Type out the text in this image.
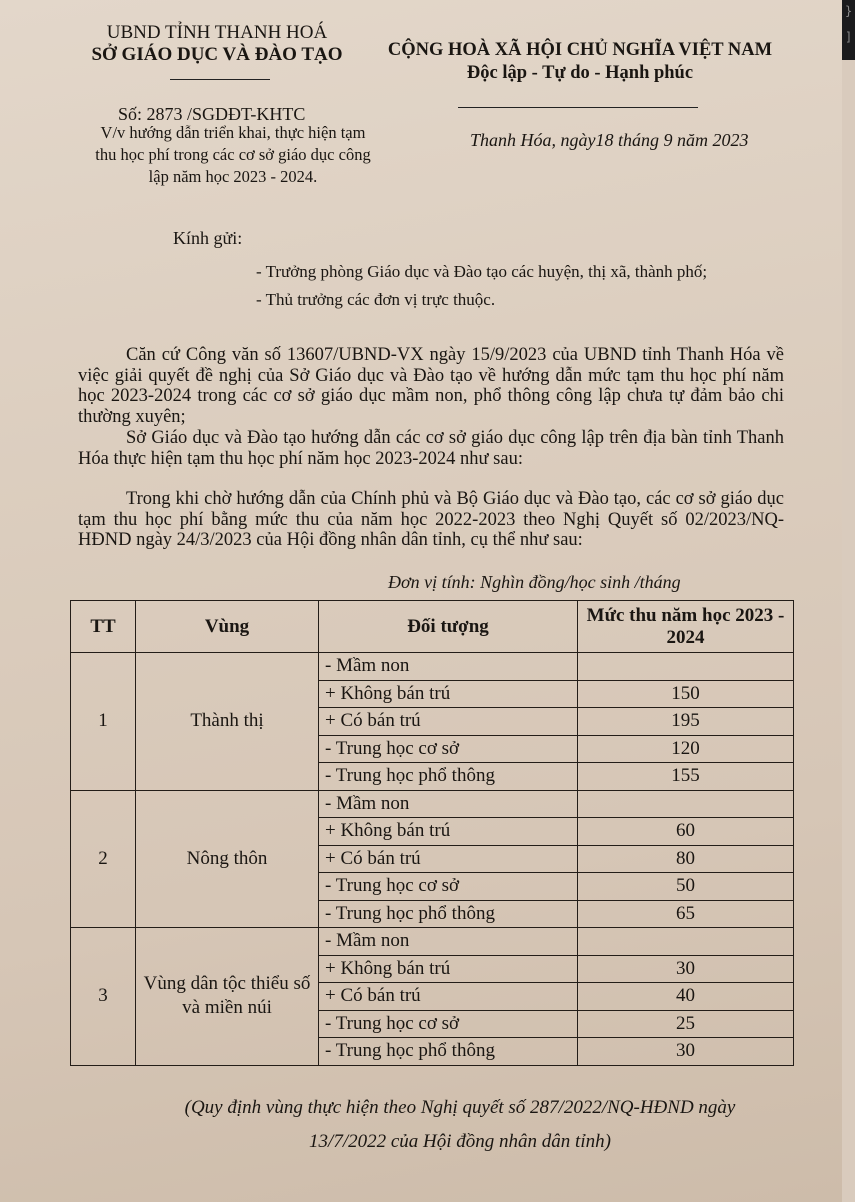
}
]
UBND TỈNH THANH HOÁ
SỞ GIÁO DỤC VÀ ĐÀO TẠO	CỘNG HOÀ XÃ HỘI CHỦ NGHĨA VIỆT NAM
Độc lập - Tự do - Hạnh phúc
Số: 2873 /SGDĐT-KHTC
V/v hướng dẫn triển khai, thực hiện tạm thu học phí trong các cơ sở giáo dục công lập năm học 2023 - 2024.
Thanh Hóa, ngày18 tháng 9 năm 2023
Kính gửi:
- Trưởng phòng Giáo dục và Đào tạo các huyện, thị xã, thành phố;
- Thủ trưởng các đơn vị trực thuộc.
Căn cứ Công văn số 13607/UBND-VX ngày 15/9/2023 của UBND tỉnh Thanh Hóa về việc giải quyết đề nghị của Sở Giáo dục và Đào tạo về hướng dẫn mức tạm thu học phí năm học 2023-2024 trong các cơ sở giáo dục mầm non, phổ thông công lập chưa tự đảm bảo chi thường xuyên;
Sở Giáo dục và Đào tạo hướng dẫn các cơ sở giáo dục công lập trên địa bàn tỉnh Thanh Hóa thực hiện tạm thu học phí năm học 2023-2024 như sau:
Trong khi chờ hướng dẫn của Chính phủ và Bộ Giáo dục và Đào tạo, các cơ sở giáo dục tạm thu học phí bằng mức thu của năm học 2022-2023 theo Nghị Quyết số 02/2023/NQ-HĐND ngày 24/3/2023 của Hội đồng nhân dân tỉnh, cụ thể như sau:
Đơn vị tính: Nghìn đồng/học sinh /tháng
TT	Vùng	Đối tượng	Mức thu năm học 2023 - 2024
1	Thành thị	- Mầm non	
		+ Không bán trú	150
		+ Có bán trú	195
		- Trung học cơ sở	120
		- Trung học phổ thông	155
2	Nông thôn	- Mầm non	
		+ Không bán trú	60
		+ Có bán trú	80
		- Trung học cơ sở	50
		- Trung học phổ thông	65
3	Vùng dân tộc thiểu số và miền núi	- Mầm non	
		+ Không bán trú	30
		+ Có bán trú	40
		- Trung học cơ sở	25
		- Trung học phổ thông	30
(Quy định vùng thực hiện theo Nghị quyết số 287/2022/NQ-HĐND ngày
13/7/2022 của Hội đồng nhân dân tỉnh)
